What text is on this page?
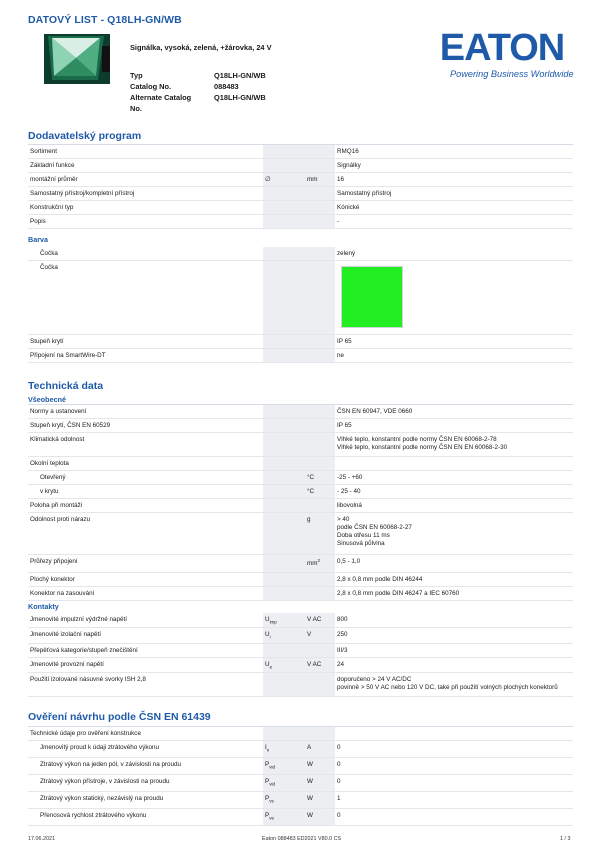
DATOVÝ LIST - Q18LH-GN/WB
Signálka, vysoká, zelená, +žárovka, 24 V
Typ	Q18LH-GN/WB
Catalog No.	088483
Alternate Catalog	Q18LH-GN/WB
No.
EATON
Powering Business Worldwide
Dodavatelský program
Sortiment	RMQ16
Základní funkce	Signálky
montážní průměr	∅	mm	16
Samostatný přístroj/kompletní přístroj	Samostatný přístroj
Konstrukční typ	Kónické
Popis	-
Barva
Čočka	zelený
Čočka
Stupeň krytí	IP 65
Připojení na SmartWire-DT	ne
Technická data
Všeobecné
Normy a ustanovení	ČSN EN 60947, VDE 0660
Stupeň krytí, ČSN EN 60529	IP 65
Klimatická odolnost	Vlhké teplo, konstantní podle normy ČSN EN 60068-2-78
Vlhké teplo, konstantní podle normy ČSN EN EN 60068-2-30
Okolní teplota
Otevřený	°C	-25 - +60
v krytu	°C	- 25 - 40
Poloha při montáži	libovolná
Odolnost proti nárazu	g	> 40
podle ČSN EN 60068-2-27
Doba otřesu 11 ms
Sinusová půlvlna
Průřezy připojení	$mm^2$	0,5 - 1,0
Plochý konektor	2,8 x 0,8 mm podle DIN 46244
Konektor na zasouvání	2,8 x 0,8 mm podle DIN 46247 a IEC 60760
Kontakty
Jmenovité impulzní výdržné napětí	$U_{imp}$	V AC	800
Jmenovité izolační napětí	$U_i$	V	250
Přepěťová kategorie/stupeň znečištění	III/3
Jmenovité provozní napětí	$U_e$	V AC	24
Použití izolované násuvné svorky ISH 2,8	doporučeno > 24 V AC/DC
povinně > 50 V AC nebo 120 V DC, také při použití volných plochých konektorů
Ověření návrhu podle ČSN EN 61439
Technické údaje pro ověření konstrukce
Jmenovitý proud k údaji ztrátového výkonu	$I_n$	A	0
Ztrátový výkon na jeden pól, v závislosti na proudu	$P_{vid}$	W	0
Ztrátový výkon přístroje, v závislosti na proudu	$P_{vid}$	W	0
Ztrátový výkon statický, nezávislý na proudu	$P_{vs}$	W	1
Přenosová rychlost ztrátového výkonu	$P_{ve}$	W	0
17.06.2021	Eaton 088483 ED2021 V80.0 CS	1 / 3
